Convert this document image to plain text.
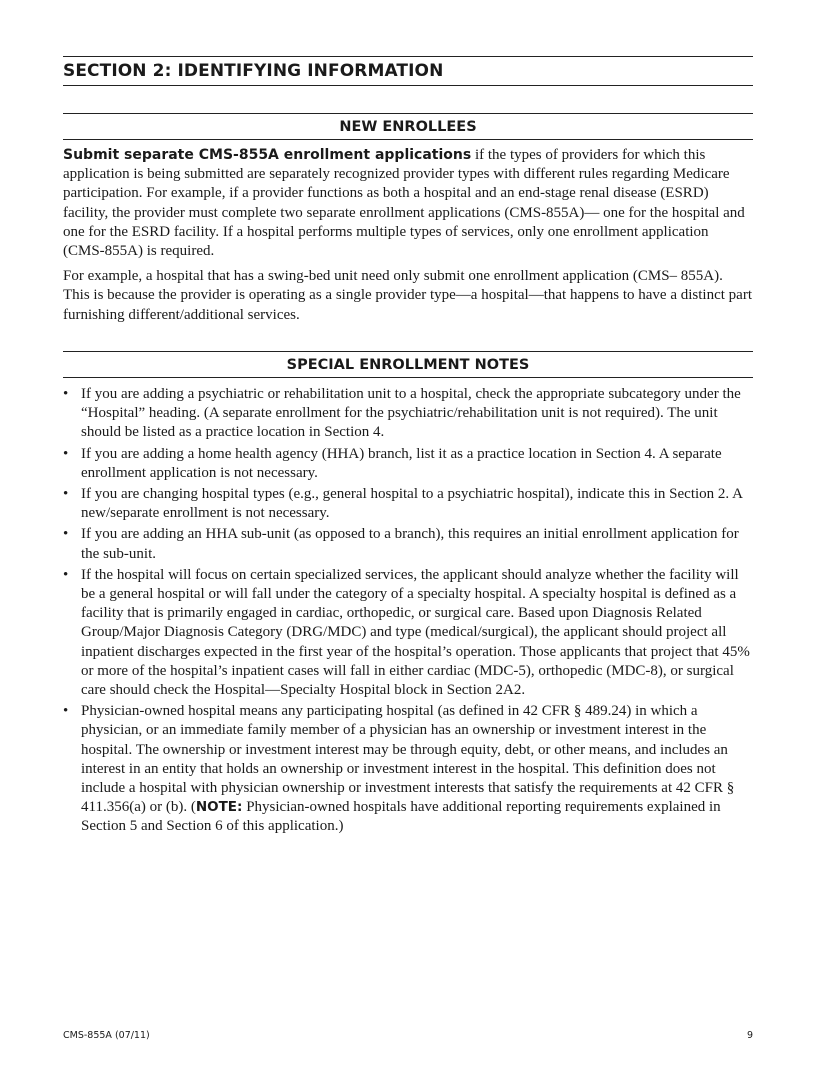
SECTION 2: IDENTIFYING INFORMATION
NEW ENROLLEES

Submit separate CMS-855A enrollment applications if the types of providers for which this application is being submitted are separately recognized provider types with different rules regarding Medicare participation. For example, if a provider functions as both a hospital and an end-stage renal disease (ESRD) facility, the provider must complete two separate enrollment applications (CMS-855A)— one for the hospital and one for the ESRD facility. If a hospital performs multiple types of services, only one enrollment application (CMS-855A) is required.

For example, a hospital that has a swing-bed unit need only submit one enrollment application (CMS– 855A). This is because the provider is operating as a single provider type—a hospital—that happens to have a distinct part furnishing different/additional services.

SPECIAL ENROLLMENT NOTES
• If you are adding a psychiatric or rehabilitation unit to a hospital, check the appropriate subcategory under the “Hospital” heading. (A separate enrollment for the psychiatric/rehabilitation unit is not required). The unit should be listed as a practice location in Section 4.
• If you are adding a home health agency (HHA) branch, list it as a practice location in Section 4. A separate enrollment application is not necessary.
• If you are changing hospital types (e.g., general hospital to a psychiatric hospital), indicate this in Section 2. A new/separate enrollment is not necessary.
• If you are adding an HHA sub-unit (as opposed to a branch), this requires an initial enrollment application for the sub-unit.
• If the hospital will focus on certain specialized services, the applicant should analyze whether the facility will be a general hospital or will fall under the category of a specialty hospital. A specialty hospital is defined as a facility that is primarily engaged in cardiac, orthopedic, or surgical care. Based upon Diagnosis Related Group/Major Diagnosis Category (DRG/MDC) and type (medical/surgical), the applicant should project all inpatient discharges expected in the first year of the hospital’s operation. Those applicants that project that 45% or more of the hospital’s inpatient cases will fall in either cardiac (MDC-5), orthopedic (MDC-8), or surgical care should check the Hospital—Specialty Hospital block in Section 2A2.
• Physician-owned hospital means any participating hospital (as defined in 42 CFR § 489.24) in which a physician, or an immediate family member of a physician has an ownership or investment interest in the hospital. The ownership or investment interest may be through equity, debt, or other means, and includes an interest in an entity that holds an ownership or investment interest in the hospital. This definition does not include a hospital with physician ownership or investment interests that satisfy the requirements at 42 CFR § 411.356(a) or (b). (NOTE: Physician-owned hospitals have additional reporting requirements explained in Section 5 and Section 6 of this application.)
CMS-855A (07/11)	9
